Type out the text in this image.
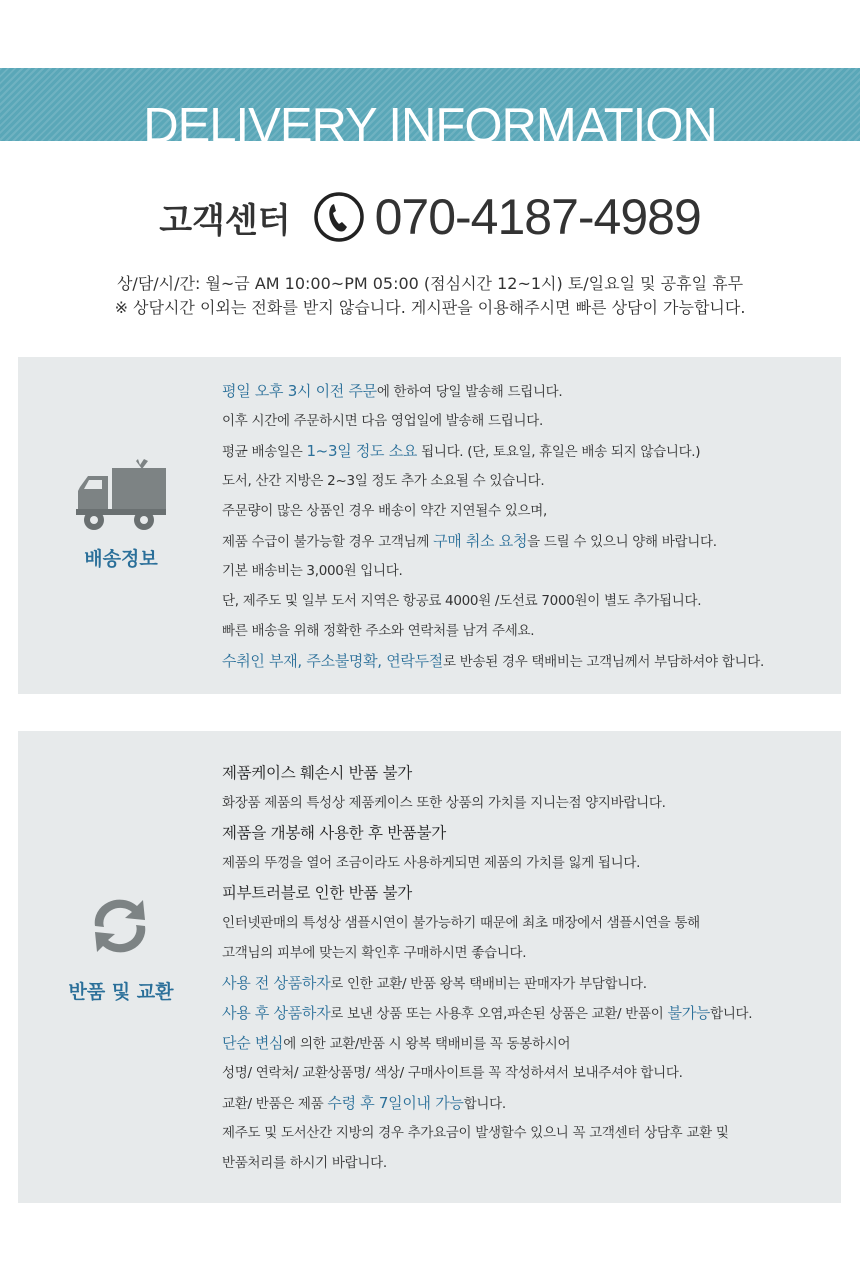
DELIVERY INFORMATION
고객센터 070-4187-4989
상/담/시/간: 월~금 AM 10:00~PM 05:00 (점심시간 12~1시) 토/일요일 및 공휴일 휴무
※ 상담시간 이외는 전화를 받지 않습니다. 게시판을 이용해주시면 빠른 상담이 가능합니다.
배송정보
평일 오후 3시 이전 주문에 한하여 당일 발송해 드립니다.
이후 시간에 주문하시면 다음 영업일에 발송해 드립니다.
평균 배송일은 1~3일 정도 소요 됩니다. (단, 토요일, 휴일은 배송 되지 않습니다.)
도서, 산간 지방은 2~3일 정도 추가 소요될 수 있습니다.
주문량이 많은 상품인 경우 배송이 약간 지연될수 있으며,
제품 수급이 불가능할 경우 고객님께 구매 취소 요청을 드릴 수 있으니 양해 바랍니다.
기본 배송비는 3,000원 입니다.
단, 제주도 및 일부 도서 지역은 항공료 4000원 /도선료 7000원이 별도 추가됩니다.
빠른 배송을 위해 정확한 주소와 연락처를 남겨 주세요.
수취인 부재, 주소불명확, 연락두절로 반송된 경우 택배비는 고객님께서 부담하셔야 합니다.
반품 및 교환
제품케이스 훼손시 반품 불가
화장품 제품의 특성상 제품케이스 또한 상품의 가치를 지니는점 양지바랍니다.
제품을 개봉해 사용한 후 반품불가
제품의 뚜껑을 열어 조금이라도 사용하게되면 제품의 가치를 잃게 됩니다.
피부트러블로 인한 반품 불가
인터넷판매의 특성상 샘플시연이 불가능하기 때문에 최초 매장에서 샘플시연을 통해
고객님의 피부에 맞는지 확인후 구매하시면 좋습니다.
사용 전 상품하자로 인한 교환/ 반품 왕복 택배비는 판매자가 부담합니다.
사용 후 상품하자로 보낸 상품 또는 사용후 오염,파손된 상품은 교환/ 반품이 불가능합니다.
단순 변심에 의한 교환/반품 시 왕복 택배비를 꼭 동봉하시어
성명/ 연락처/ 교환상품명/ 색상/ 구매사이트를 꼭 작성하셔서 보내주셔야 합니다.
교환/ 반품은 제품 수령 후 7일이내 가능합니다.
제주도 및 도서산간 지방의 경우 추가요금이 발생할수 있으니 꼭 고객센터 상담후 교환 및
반품처리를 하시기 바랍니다.
